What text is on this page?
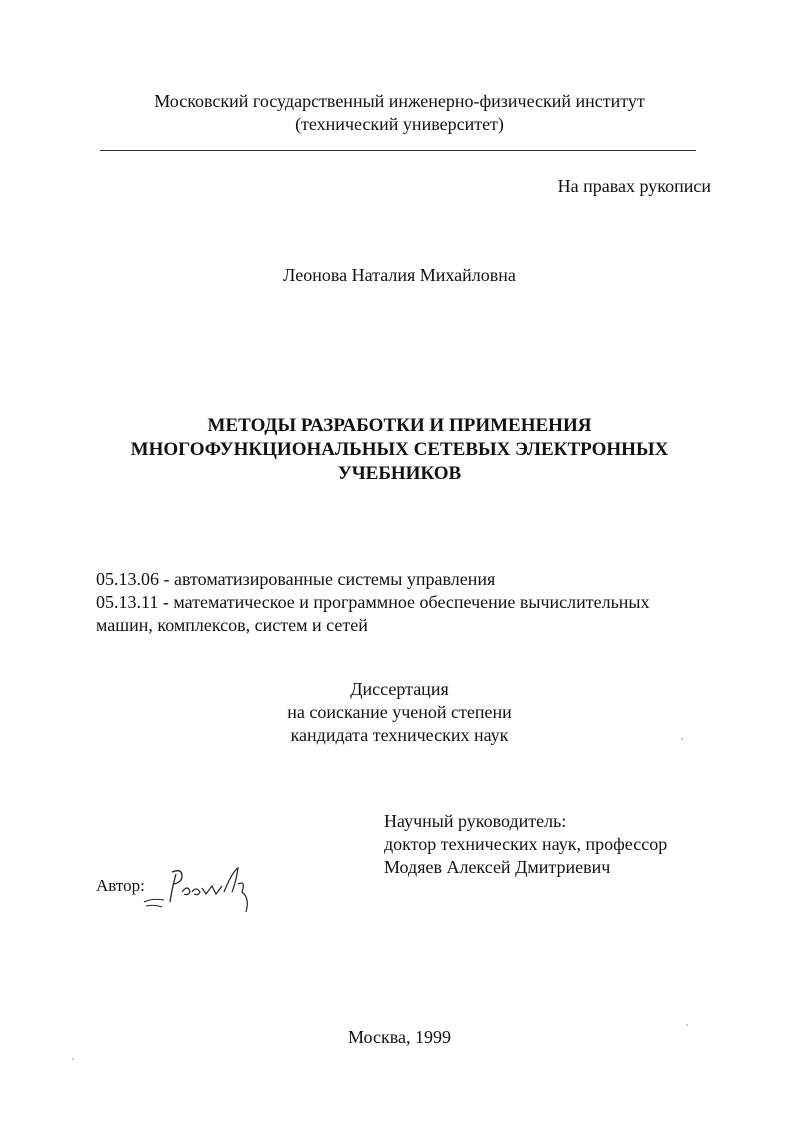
Московский государственный инженерно-физический институт
(технический университет)
На правах рукописи
Леонова Наталия Михайловна
МЕТОДЫ РАЗРАБОТКИ И ПРИМЕНЕНИЯ
МНОГОФУНКЦИОНАЛЬНЫХ СЕТЕВЫХ ЭЛЕКТРОННЫХ
УЧЕБНИКОВ
05.13.06 - автоматизированные системы управления
05.13.11 - математическое и программное обеспечение вычислительных
машин, комплексов, систем и сетей
Диссертация
на соискание ученой степени
кандидата технических наук
Научный руководитель:
доктор технических наук, профессор
Модяев Алексей Дмитриевич
Автор:
Москва, 1999
